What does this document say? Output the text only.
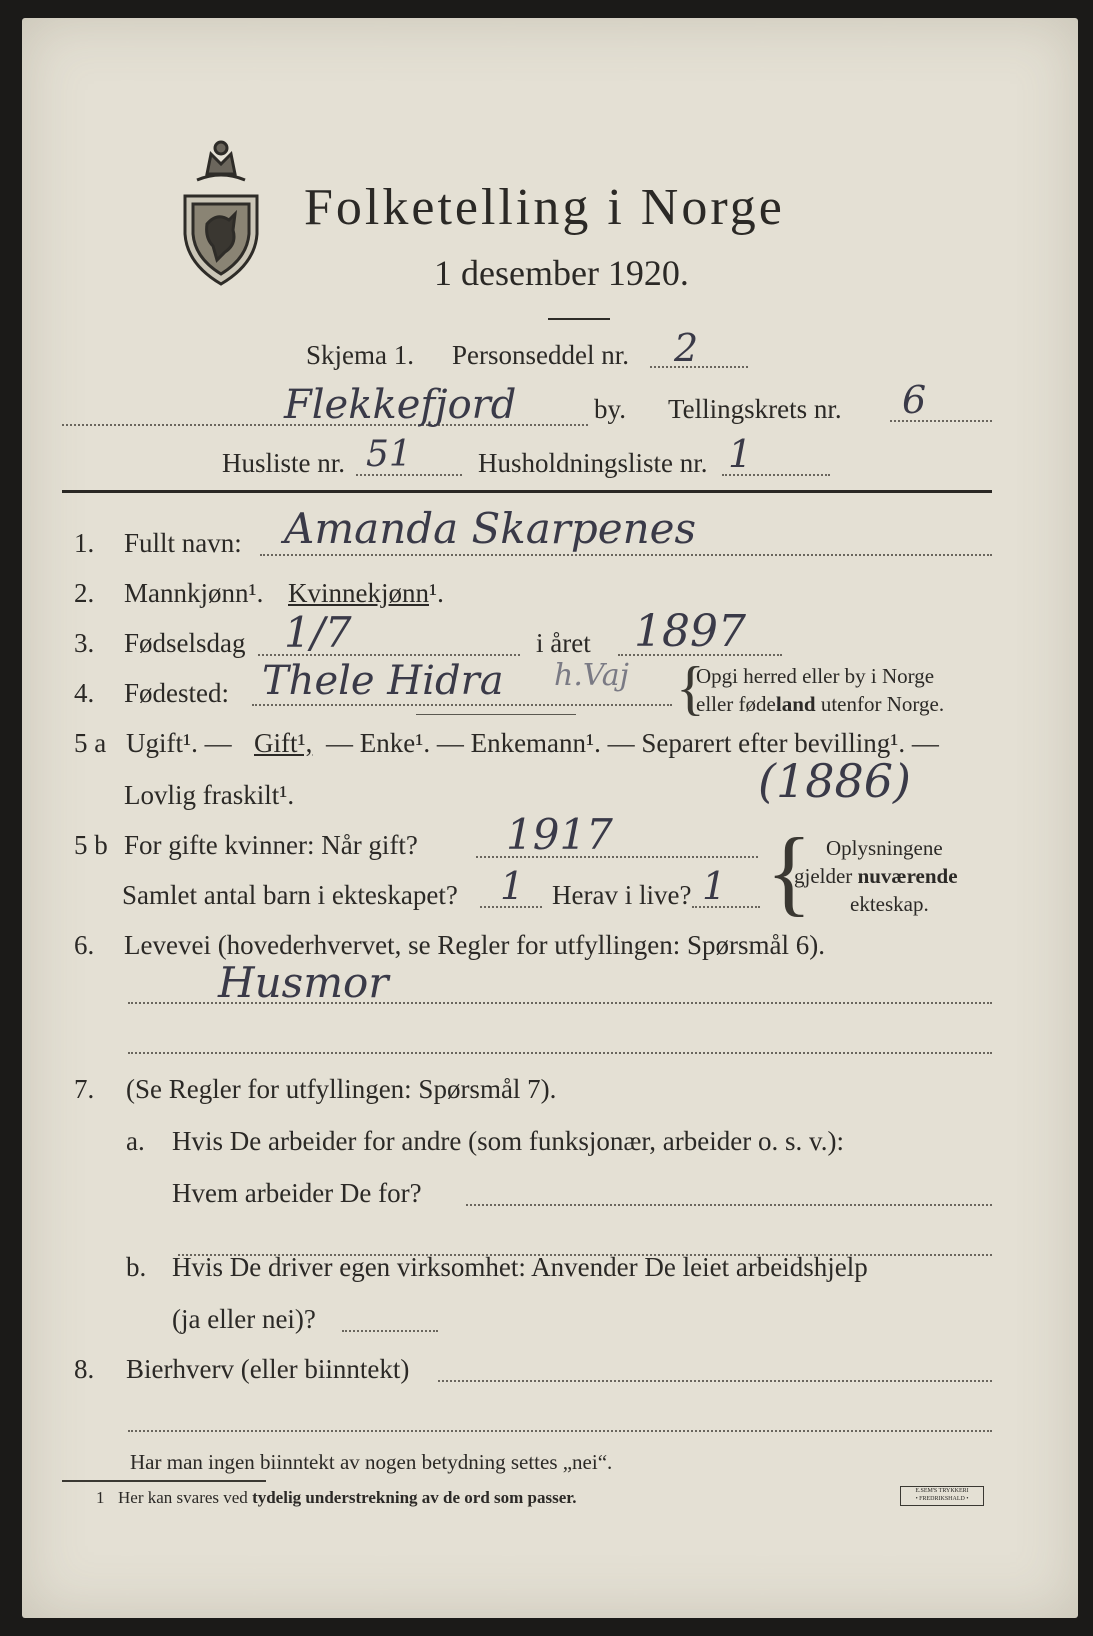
Folketelling i Norge
1 desember 1920.
Skjema 1. Personseddel nr. 2
Flekkefjord	by. Tellingskrets nr. 6
Husliste nr. 51 Husholdningsliste nr. 1
1. Fullt navn: Amanda Skarpenes
2. Mannkjønn¹. Kvinnekjønn¹.
3. Fødselsdag 1/7	i året 1897
4. Fødested: Thele Hidra h.Vaj {
Opgi herred eller by i Norge
eller fødeland utenfor Norge.
5 a Ugift¹. — Gift¹, — Enke¹. — Enkemann¹. — Separert efter bevilling¹. —
Lovlig fraskilt¹.	(1886)
5 b For gifte kvinner: Når gift? 1917
Samlet antal barn i ekteskapet? 1 Herav i live? 1 { Oplysningene
gjelder nuværende
ekteskap.
6. Levevei (hovederhvervet, se Regler for utfyllingen: Spørsmål 6).
Husmor
7. (Se Regler for utfyllingen: Spørsmål 7).
a. Hvis De arbeider for andre (som funksjonær, arbeider o. s. v.):
Hvem arbeider De for?
b. Hvis De driver egen virksomhet: Anvender De leiet arbeidshjelp
(ja eller nei)?
8. Bierhverv (eller biinntekt)
Har man ingen biinntekt av nogen betydning settes „nei“.
1 Her kan svares ved tydelig understrekning av de ord som passer.	E.SEM'S TRYKKERI
• FREDRIKSHALD •
